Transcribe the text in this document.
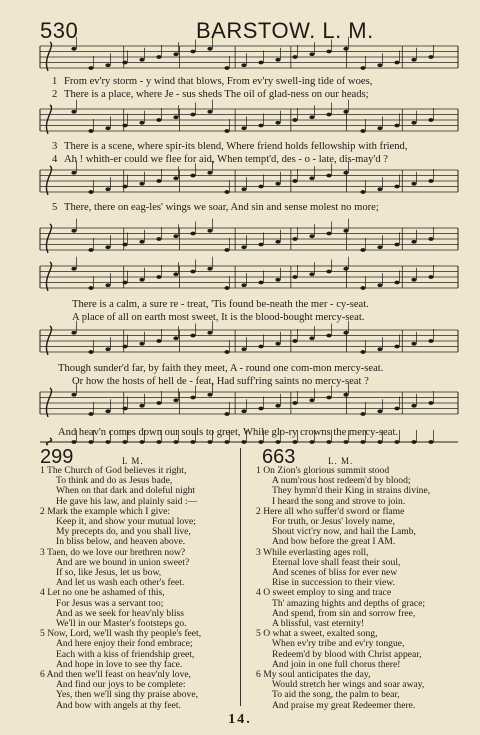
530	BARSTOW. L. M.
1 From ev'ry storm - y wind that blows, From ev'ry swell-ing tide of woes,
2 There is a place, where Je - sus sheds The oil of glad-ness on our heads;
3 There is a scene, where spir-its blend, Where friend holds fellowship with friend,
4 Ah ! whith-er could we flee for aid, When tempt'd, des - o - late, dis-may'd ?
5 There, there on eag-les' wings we soar, And sin and sense molest no more;
There is a calm, a sure re - treat, 'Tis found be-neath the mer - cy-seat.
A place of all on earth most sweet, It is the blood-bought mercy-seat.
Though sunder'd far, by faith they meet, A - round one com-mon mercy-seat.
Or how the hosts of hell de - feat, Had suff'ring saints no mercy-seat ?
And heav'n comes down our souls to greet, While glo-ry crowns the mercy-seat.
299	L M.
1 The Church of God believes it right,
To think and do as Jesus bade,
When on that dark and doleful night
He gave his law, and plainly said :—
2 Mark the example which I give:
Keep it, and show your mutual love;
My precepts do, and you shall live,
In bliss below, and heaven above.
3 Taen, do we love our brethren now?
And are we bound in union sweet?
If so, like Jesus, let us bow,
And let us wash each other's feet.
4 Let no one be ashamed of this,
For Jesus was a servant too;
And as we seek for heav'nly bliss
We'll in our Master's footsteps go.
5 Now, Lord, we'll wash thy people's feet,
And here enjoy their fond embrace;
Each with a kiss of friendship greet,
And hope in love to see thy face.
6 And then we'll feast on heav'nly love,
And find our joys to be complete:
Yes, then we'll sing thy praise above,
And bow with angels at thy feet.
663	L. M.
1 On Zion's glorious summit stood
A num'rous host redeem'd by blood;
They hymn'd their King in strains divine,
I heard the song and strove to join.
2 Here all who suffer'd sword or flame
For truth, or Jesus' lovely name,
Shout vict'ry now, and hail the Lamb,
And bow before the great I AM.
3 While everlasting ages roll,
Eternal love shall feast their soul,
And scenes of bliss for ever new
Rise in succession to their view.
4 O sweet employ to sing and trace
Th' amazing hights and depths of grace;
And spend, from sin and sorrow free,
A blissful, vast eternity!
5 O what a sweet, exalted song,
When ev'ry tribe and ev'ry tongue,
Redeem'd by blood with Christ appear,
And join in one full chorus there!
6 My soul anticipates the day,
Would stretch her wings and soar away,
To aid the song, the palm to bear,
And praise my great Redeemer there.
14.
